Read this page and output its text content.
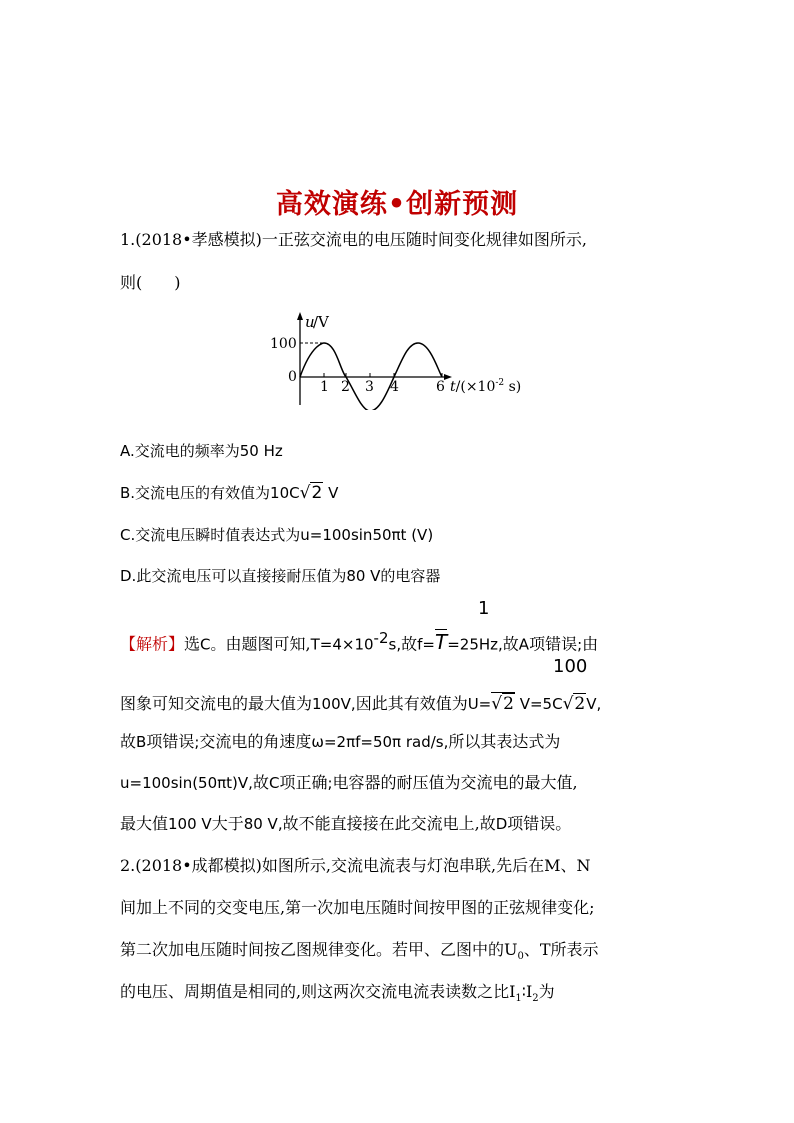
高效演练•创新预测
1.(2018•孝感模拟)一正弦交流电的电压随时间变化规律如图所示,
则(　　)
u
/V
100
0
1 2 3 4	6 $t/(\times 10^{-2}$ s)
A.交流电的频率为50 Hz
B.交流电压的有效值为10C√2 V
C.交流电压瞬时值表达式为u=100sin50πt (V)
D.此交流电压可以直接接耐压值为80 V的电容器
1
【解析】选C。由题图可知$,T=4\times 10^{-2}s$,故f=T=25Hz,故A项错误;由
100
图象可知交流电的最大值为100V,因此其有效值为U=√2 V=5C√2V,
故B项错误;交流电的角速度ω=2πf=50π rad/s,所以其表达式为
u=100sin(50πt)V,故C项正确;电容器的耐压值为交流电的最大值,
最大值100 V大于80 V,故不能直接接在此交流电上,故D项错误。
2.(2018•成都模拟)如图所示,交流电流表与灯泡串联,先后在M、N
间加上不同的交变电压,第一次加电压随时间按甲图的正弦规律变化;
第二次加电压随时间按乙图规律变化。若甲、乙图中的$U_0$、T所表示
的电压、周期值是相同的,则这两次交流电流表读数之比$I_1∶I_2$为
